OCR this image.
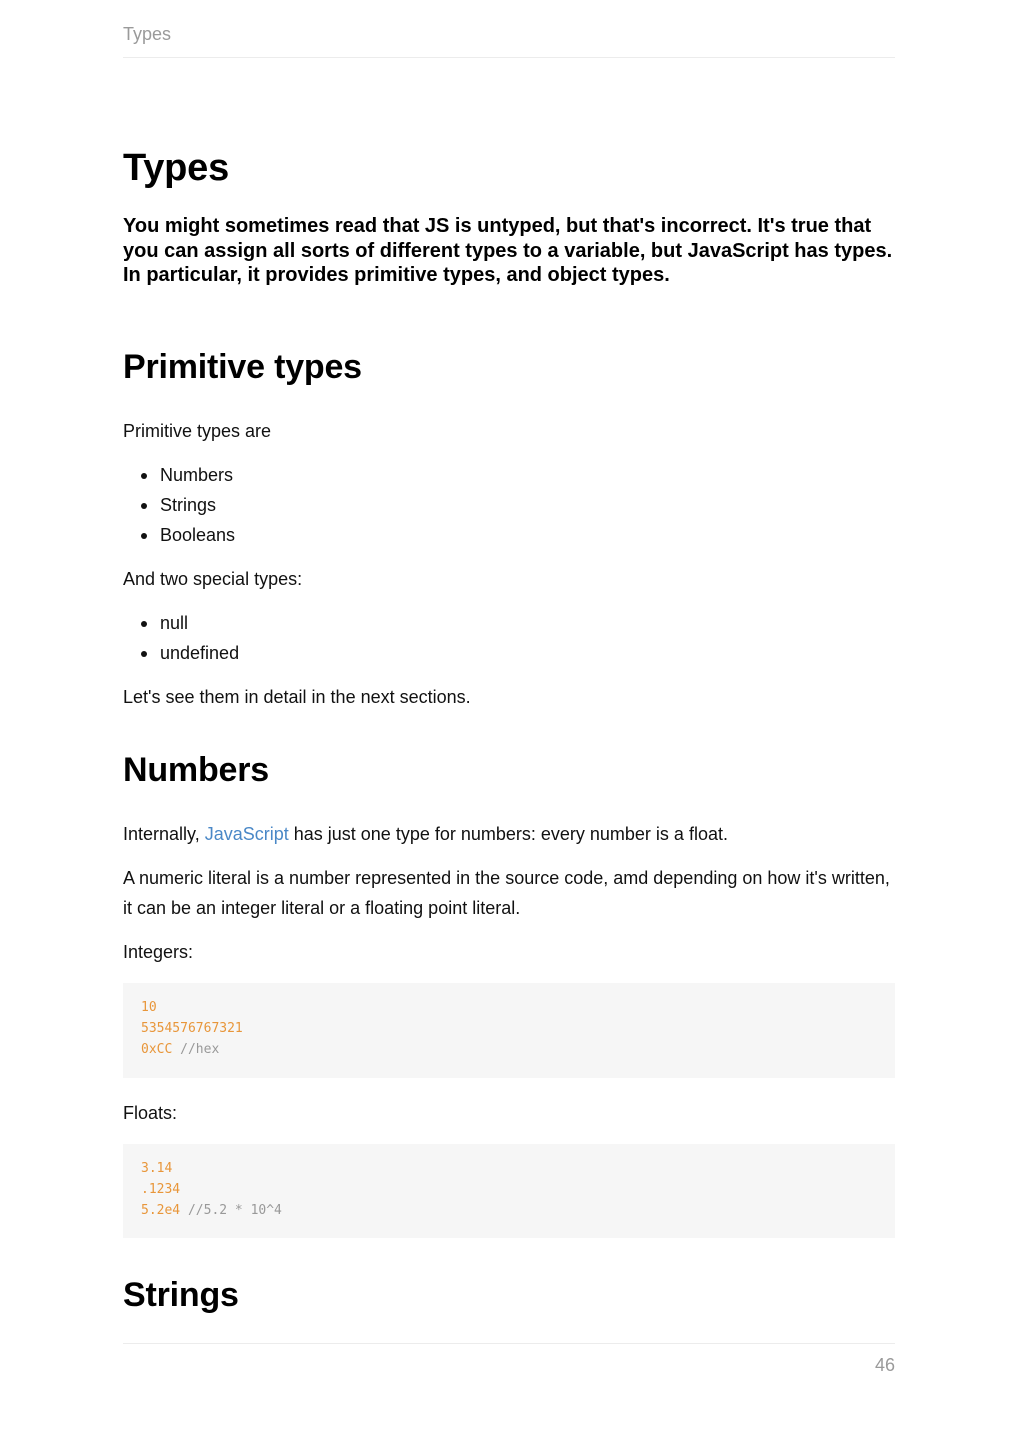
Types
Types

You might sometimes read that JS is untyped, but that's incorrect. It's true that you can assign all sorts of different types to a variable, but JavaScript has types. In particular, it provides primitive types, and object types.

Primitive types

Primitive types are

Numbers
Strings
Booleans

And two special types:

null
undefined

Let's see them in detail in the next sections.

Numbers

Internally, JavaScript has just one type for numbers: every number is a float.

A numeric literal is a number represented in the source code, amd depending on how it's written, it can be an integer literal or a floating point literal.

Integers:

10
5354576767321
0xCC //hex

Floats:

3.14
.1234
5.2e4 //5.2 * 10^4
Strings
46
